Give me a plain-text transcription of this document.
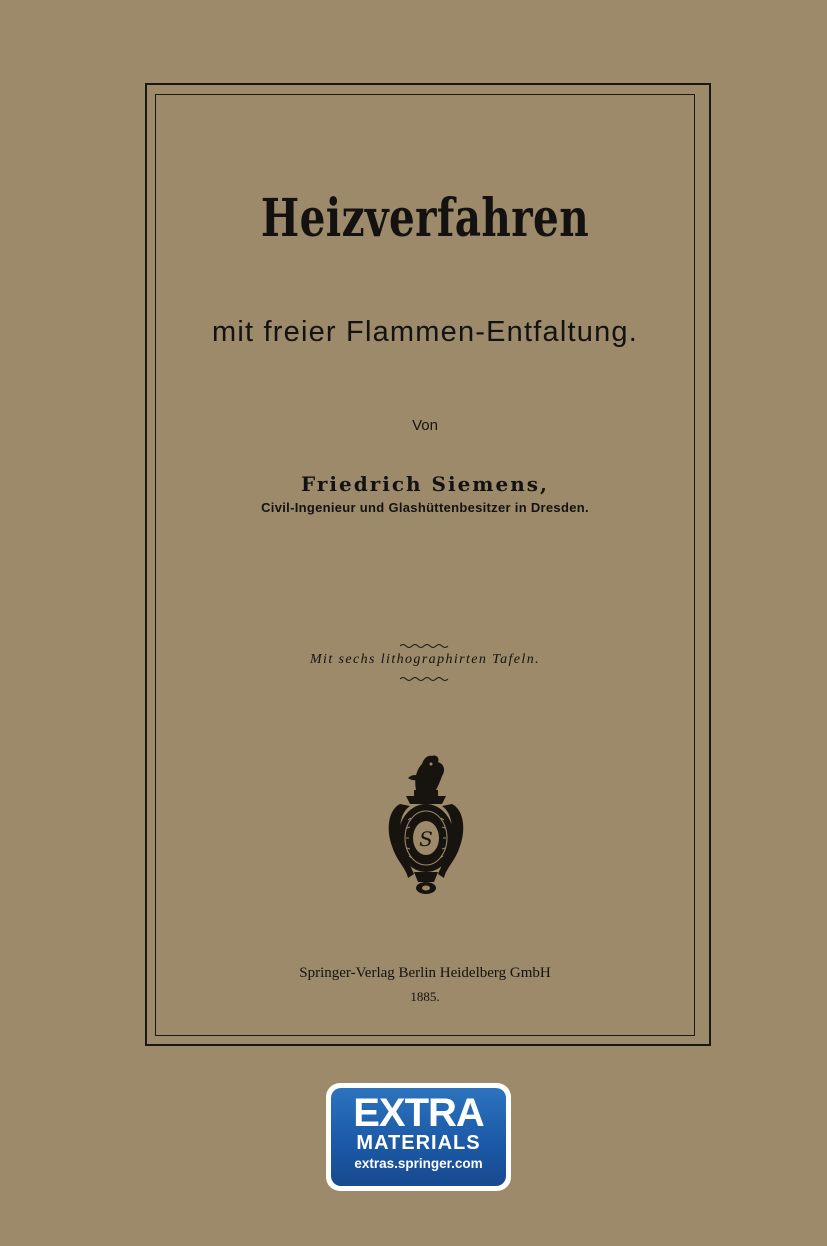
Heizverfahren
mit freier Flammen-Entfaltung.
Von
Friedrich Siemens,
Civil-Ingenieur und Glashüttenbesitzer in Dresden.
Mit sechs lithographirten Tafeln.
S
Springer-Verlag Berlin Heidelberg GmbH
1885.
EXTRA
MATERIALS
extras.springer.com
